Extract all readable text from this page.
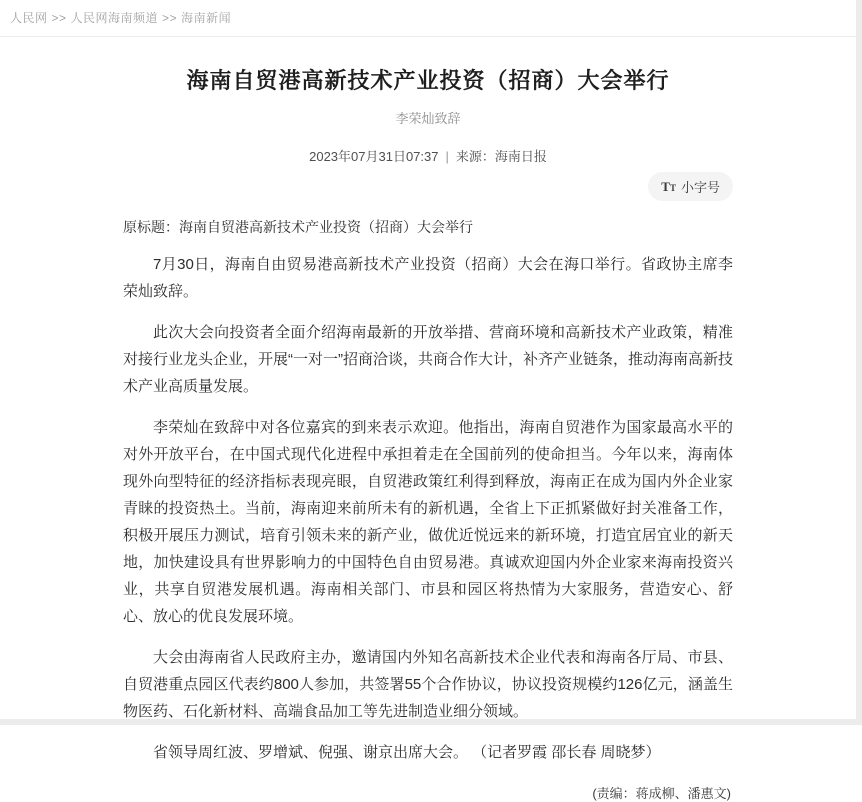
人民网 >> 人民网海南频道 >> 海南新闻
海南自贸港高新技术产业投资（招商）大会举行
李荣灿致辞
2023年07月31日07:37 | 来源：海南日报
T T 小字号
原标题：海南自贸港高新技术产业投资（招商）大会举行

7月30日，海南自由贸易港高新技术产业投资（招商）大会在海口举行。省政协主席李荣灿致辞。

此次大会向投资者全面介绍海南最新的开放举措、营商环境和高新技术产业政策，精准对接行业龙头企业，开展“一对一”招商洽谈，共商合作大计，补齐产业链条，推动海南高新技术产业高质量发展。

李荣灿在致辞中对各位嘉宾的到来表示欢迎。他指出，海南自贸港作为国家最高水平的对外开放平台，在中国式现代化进程中承担着走在全国前列的使命担当。今年以来，海南体现外向型特征的经济指标表现亮眼，自贸港政策红利得到释放，海南正在成为国内外企业家青睐的投资热土。当前，海南迎来前所未有的新机遇，全省上下正抓紧做好封关准备工作，积极开展压力测试，培育引领未来的新产业，做优近悦远来的新环境，打造宜居宜业的新天地，加快建设具有世界影响力的中国特色自由贸易港。真诚欢迎国内外企业家来海南投资兴业，共享自贸港发展机遇。海南相关部门、市县和园区将热情为大家服务，营造安心、舒心、放心的优良发展环境。

大会由海南省人民政府主办，邀请国内外知名高新技术企业代表和海南各厅局、市县、自贸港重点园区代表约800人参加，共签署55个合作协议，协议投资规模约126亿元，涵盖生物医药、石化新材料、高端食品加工等先进制造业细分领域。

省领导周红波、罗增斌、倪强、谢京出席大会。 （记者罗霞 邵长春 周晓梦）

(责编：蒋成柳、潘惠文)
